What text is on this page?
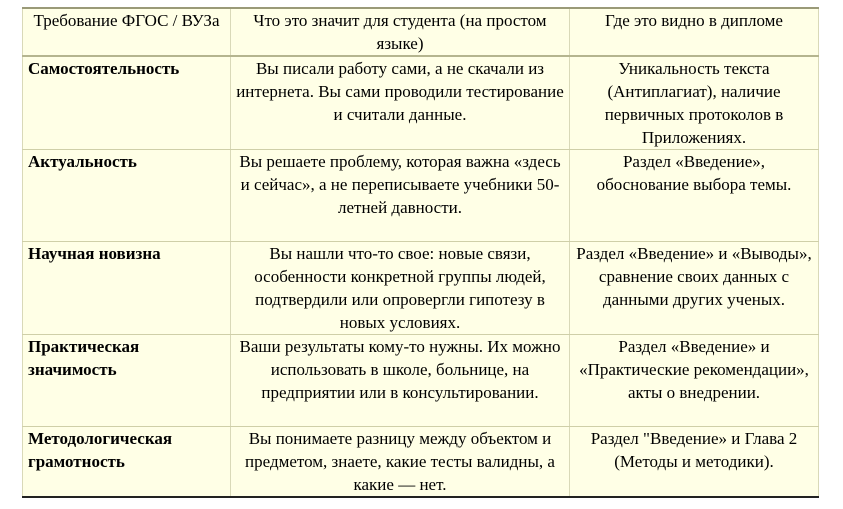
Требование ФГОС / ВУЗа	Что это значит для студента (на простом языке)	Где это видно в дипломе
Самостоятельность	Вы писали работу сами, а не скачали из интернета. Вы сами проводили тестирование и считали данные.	Уникальность текста (Антиплагиат), наличие первичных протоколов в Приложениях.
Актуальность	Вы решаете проблему, которая важна «здесь и сейчас», а не переписываете учебники 50-летней давности.	Раздел «Введение», обоснование выбора темы.
Научная новизна	Вы нашли что-то свое: новые связи, особенности конкретной группы людей, подтвердили или опровергли гипотезу в новых условиях.	Раздел «Введение» и «Выводы», сравнение своих данных с данными других ученых.
Практическая значимость	Ваши результаты кому-то нужны. Их можно использовать в школе, больнице, на предприятии или в консультировании.	Раздел «Введение» и «Практические рекомендации», акты о внедрении.
Методологическая грамотность	Вы понимаете разницу между объектом и предметом, знаете, какие тесты валидны, а какие — нет.	Раздел "Введение» и Глава 2 (Методы и методики).
